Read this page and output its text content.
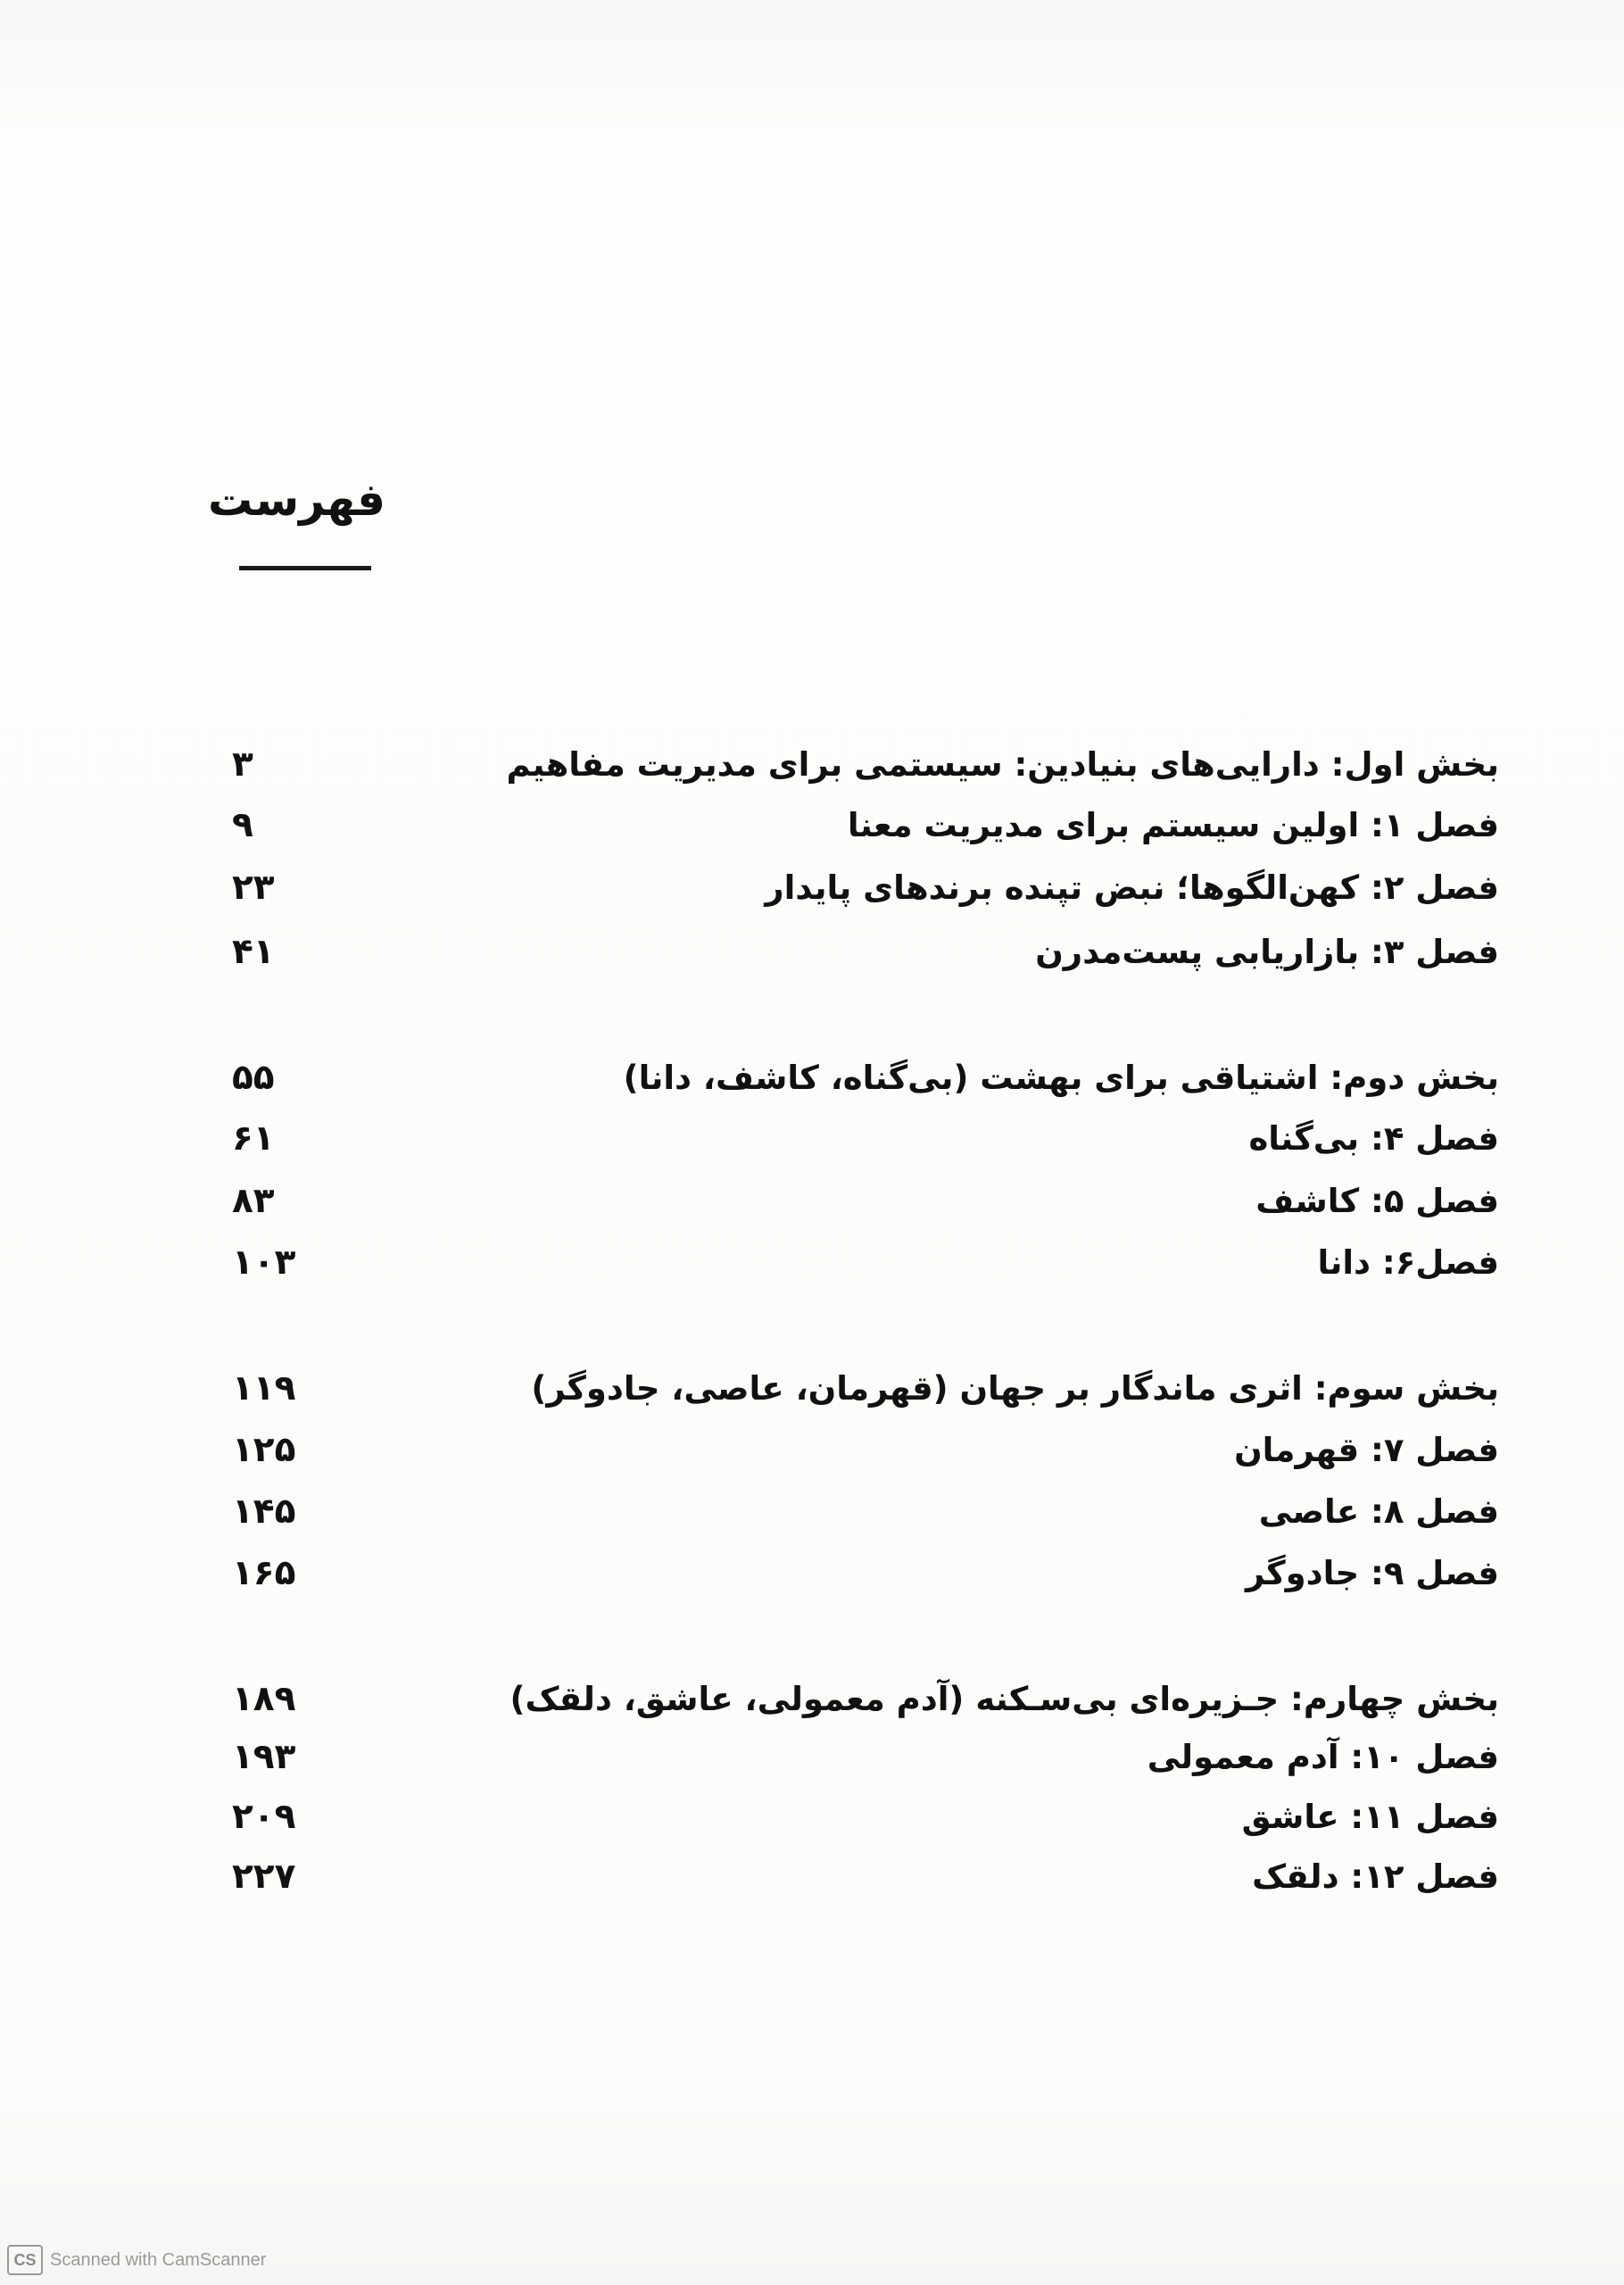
فهرست
بخش اول: دارایی‌های بنیادین: سیستمی برای مدیریت مفاهیم
۳
فصل ۱: اولین سیستم برای مدیریت معنا
۹
فصل ۲: کهن‌الگوها؛ نبض تپنده برندهای پایدار
۲۳
فصل ۳: بازاریابی پست‌مدرن
۴۱
بخش دوم: اشتیاقی برای بهشت (بی‌گناه، کاشف، دانا)
۵۵
فصل ۴: بی‌گناه
۶۱
فصل ۵: کاشف
۸۳
فصل۶: دانا
۱۰۳
بخش سوم: اثری ماندگار بر جهان (قهرمان، عاصی، جادوگر)
۱۱۹
فصل ۷: قهرمان
۱۲۵
فصل ۸: عاصی
۱۴۵
فصل ۹: جادوگر
۱۶۵
بخش چهارم: جـزیره‌ای بی‌سـکنه (آدم معمولی، عاشق، دلقک)
۱۸۹
فصل ۱۰: آدم معمولی
۱۹۳
فصل ۱۱: عاشق
۲۰۹
فصل ۱۲: دلقک
۲۲۷
CS Scanned with CamScanner
